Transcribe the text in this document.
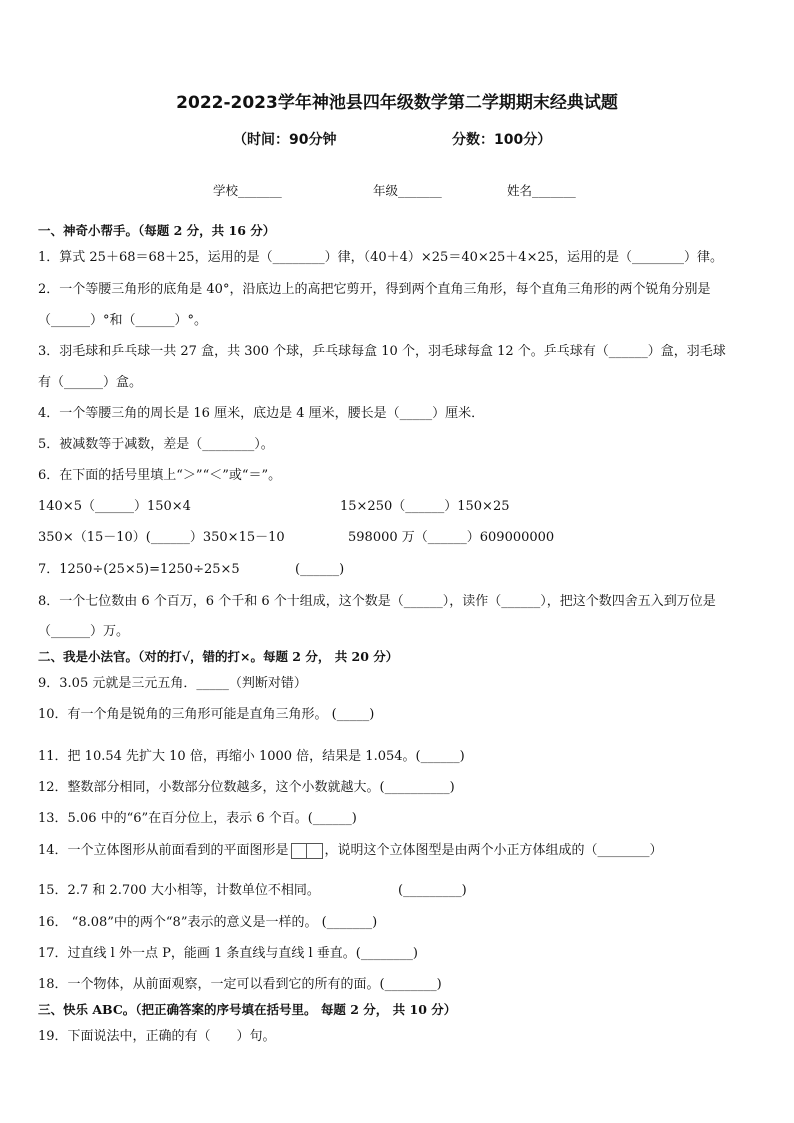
2022-2023学年神池县四年级数学第二学期期末经典试题
（时间：90分钟	分数：100分）
学校_______	年级_______	姓名_______
一、神奇小帮手。（每题 2 分，共 16 分）
1．算式 25＋68＝68＋25，运用的是（________）律，（40＋4）×25＝40×25＋4×25，运用的是（________）律。
2．一个等腰三角形的底角是 40°，沿底边上的高把它剪开，得到两个直角三角形，每个直角三角形的两个锐角分别是
（______）°和（______）°。
3．羽毛球和乒乓球一共 27 盒，共 300 个球，乒乓球每盒 10 个，羽毛球每盒 12 个。乒乓球有（______）盒，羽毛球
有（______）盒。
4．一个等腰三角的周长是 16 厘米，底边是 4 厘米，腰长是（_____）厘米．
5．被减数等于减数，差是（________）。
6．在下面的括号里填上“＞”“＜”或“＝”。
140×5（______）150×4	15×250（______）150×25
350×（15－10）(______）350×15－10	598000 万（______）609000000
7．1250÷(25×5)=1250÷25×5	(______)
8．一个七位数由 6 个百万，6 个千和 6 个十组成，这个数是（______），读作（______），把这个数四舍五入到万位是
（______）万。
二、我是小法官。（对的打√，错的打×。每题 2 分， 共 20 分）
9．3.05 元就是三元五角．_____（判断对错）
10．有一个角是锐角的三角形可能是直角三角形。 (_____)
11．把 10.54 先扩大 10 倍，再缩小 1000 倍，结果是 1.054。(______)
12．整数部分相同，小数部分位数越多，这个小数就越大。(__________)
13．5.06 中的“6”在百分位上，表示 6 个百。(______)
14．一个立体图形从前面看到的平面图形是	，说明这个立体图型是由两个小正方体组成的（________）
15．2.7 和 2.700 大小相等，计数单位不相同。	(_________)
16． “8.08”中的两个“8”表示的意义是一样的。 (_______)
17．过直线 l 外一点 P，能画 1 条直线与直线 l 垂直。(________)
18．一个物体，从前面观察，一定可以看到它的所有的面。(________)
三、快乐 ABC。（把正确答案的序号填在括号里。 每题 2 分， 共 10 分）
19．下面说法中，正确的有（　　）句。
